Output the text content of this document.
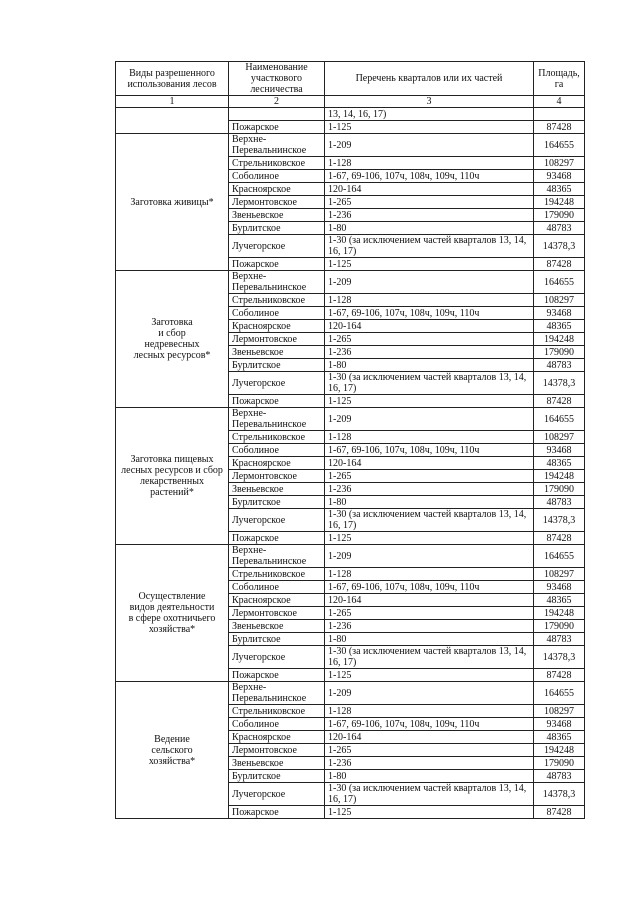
Виды разрешенного использования лесов	Наименование участкового лесничества	Перечень кварталов или их частей	Площадь, га
1	2	3	4
		13, 14, 16, 17)	
	Пожарское	1-125	87428

Заготовка живицы*	Верхне-Перевальнинское	1-209	164655
	Стрельниковское	1-128	108297
	Соболиное	1-67, 69-106, 107ч, 108ч, 109ч, 110ч	93468
	Красноярское	120-164	48365
	Лермонтовское	1-265	194248
	Звеньевское	1-236	179090
	Бурлитское	1-80	48783
	Лучегорское	1-30 (за исключением частей кварталов 13, 14, 16, 17)	14378,3
	Пожарское	1-125	87428

Заготовка
и сбор
недревесных
лесных ресурсов*	Верхне-Перевальнинское	1-209	164655
	Стрельниковское	1-128	108297
	Соболиное	1-67, 69-106, 107ч, 108ч, 109ч, 110ч	93468
	Красноярское	120-164	48365
	Лермонтовское	1-265	194248
	Звеньевское	1-236	179090
	Бурлитское	1-80	48783
	Лучегорское	1-30 (за исключением частей кварталов 13, 14, 16, 17)	14378,3
	Пожарское	1-125	87428

Заготовка пищевых
лесных ресурсов и сбор
лекарственных
растений*	Верхне-Перевальнинское	1-209	164655
	Стрельниковское	1-128	108297
	Соболиное	1-67, 69-106, 107ч, 108ч, 109ч, 110ч	93468
	Красноярское	120-164	48365
	Лермонтовское	1-265	194248
	Звеньевское	1-236	179090
	Бурлитское	1-80	48783
	Лучегорское	1-30 (за исключением частей кварталов 13, 14, 16, 17)	14378,3
	Пожарское	1-125	87428

Осуществление
видов деятельности
в сфере охотничьего
хозяйства*	Верхне-Перевальнинское	1-209	164655
	Стрельниковское	1-128	108297
	Соболиное	1-67, 69-106, 107ч, 108ч, 109ч, 110ч	93468
	Красноярское	120-164	48365
	Лермонтовское	1-265	194248
	Звеньевское	1-236	179090
	Бурлитское	1-80	48783
	Лучегорское	1-30 (за исключением частей кварталов 13, 14, 16, 17)	14378,3
	Пожарское	1-125	87428

Ведение
сельского
хозяйства*	Верхне-Перевальнинское	1-209	164655
	Стрельниковское	1-128	108297
	Соболиное	1-67, 69-106, 107ч, 108ч, 109ч, 110ч	93468
	Красноярское	120-164	48365
	Лермонтовское	1-265	194248
	Звеньевское	1-236	179090
	Бурлитское	1-80	48783
	Лучегорское	1-30 (за исключением частей кварталов 13, 14, 16, 17)	14378,3
	Пожарское	1-125	87428
